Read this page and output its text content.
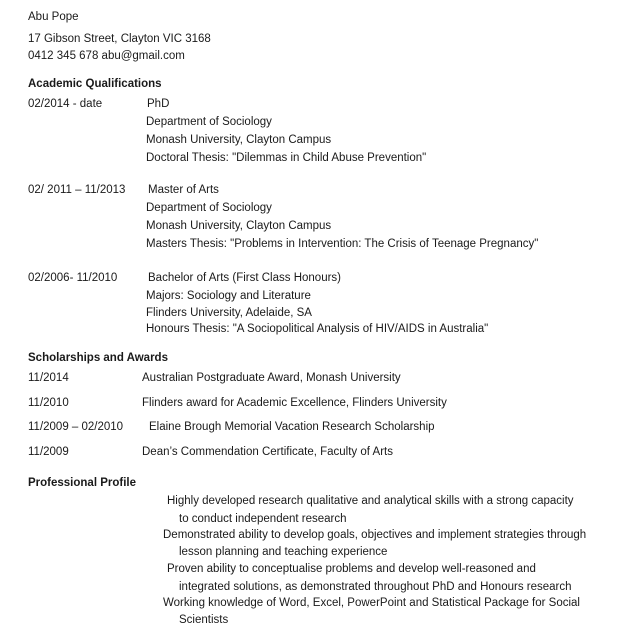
Abu Pope
17 Gibson Street, Clayton VIC 3168
0412 345 678 abu@gmail.com
Academic Qualifications
02/2014 - date	PhD
Department of Sociology
Monash University, Clayton Campus
Doctoral Thesis: "Dilemmas in Child Abuse Prevention"
02/ 2011 – 11/2013 Master of Arts
Department of Sociology
Monash University, Clayton Campus
Masters Thesis: "Problems in Intervention: The Crisis of Teenage Pregnancy"
02/2006- 11/2010	Bachelor of Arts (First Class Honours)
Majors: Sociology and Literature
Flinders University, Adelaide, SA
Honours Thesis: "A Sociopolitical Analysis of HIV/AIDS in Australia"
Scholarships and Awards
11/2014	Australian Postgraduate Award, Monash University
11/2010	Flinders award for Academic Excellence, Flinders University
11/2009 – 02/2010 Elaine Brough Memorial Vacation Research Scholarship
11/2009	Dean’s Commendation Certificate, Faculty of Arts
Professional Profile
Highly developed research qualitative and analytical skills with a strong capacity
to conduct independent research
Demonstrated ability to develop goals, objectives and implement strategies through
lesson planning and teaching experience
Proven ability to conceptualise problems and develop well-reasoned and
integrated solutions, as demonstrated throughout PhD and Honours research
Working knowledge of Word, Excel, PowerPoint and Statistical Package for Social
Scientists
